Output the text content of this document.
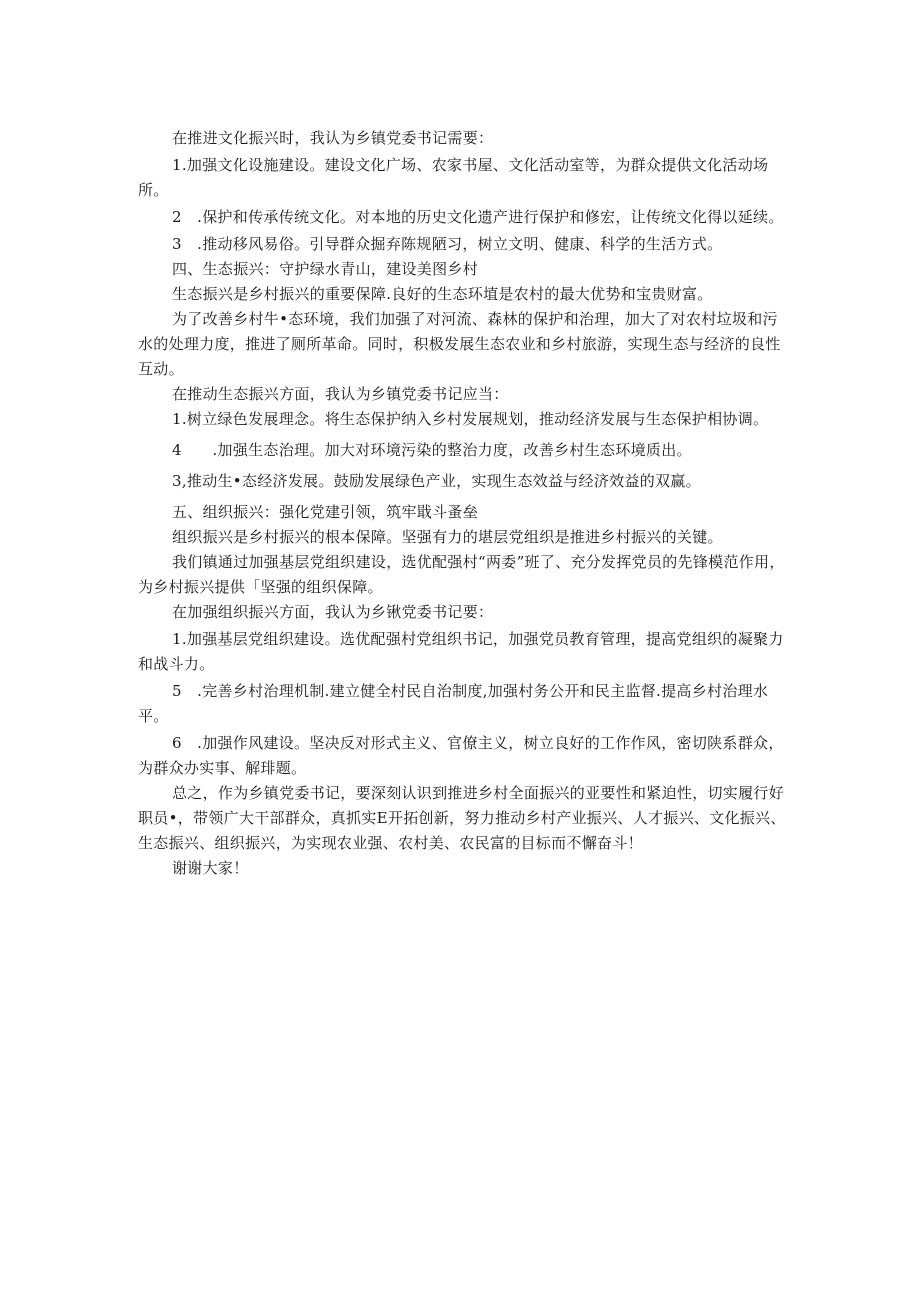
在推进文化振兴时，我认为乡镇党委书记需要：

1.加强文化设施建设。建设文化广场、农家书屋、文化活动室等，为群众提供文化活动场所。

2　.保护和传承传统文化。对本地的历史文化遗产进行保护和修宏，让传统文化得以延续。

3　.推动移风易俗。引导群众掘弃陈规陋习，树立文明、健康、科学的生活方式。

四、生态振兴：守护绿水青山，建设美图乡村

生态振兴是乡村振兴的重要保障.良好的生态环埴是农村的最大优势和宝贵财富。

为了改善乡村牛•态环境，我们加强了对河流、森林的保护和治理，加大了对农村垃圾和污水的处理力度，推进了厕所革命。同时，积极发展生态农业和乡村旅游，实现生态与经济的良性互动。

在推动生态振兴方面，我认为乡镇党委书记应当：

1.树立绿色发展理念。将生态保护纳入乡村发展规划，推动经济发展与生态保护相协调。

4　　.加强生态治理。加大对环境污染的整治力度，改善乡村生态环境质出。

3,推动生•态经济发展。鼓励发展绿色产业，实现生态效益与经济效益的双赢。

五、组织振兴：强化党建引领，筑牢戢斗蚤垒

组织振兴是乡村振兴的根本保障。坚强有力的堪层党组织是推进乡村振兴的关键。

我们镇通过加强基层党组织建设，选优配强村“两委”班了、充分发挥党员的先锋模范作用，为乡村振兴提供「坚强的组织保障。

在加强组织振兴方面，我认为乡锹党委书记要：

1.加强基层党组织建设。选优配强村党组织书记，加强党员教育管理，提高党组织的凝聚力和战斗力。

5　.完善乡村治理机制.建立健全村民自治制度,加强村务公开和民主监督.提高乡村治理水平。

6　.加强作风建设。坚决反对形式主义、官僚主义，树立良好的工作作风，密切陕系群众，为群众办实事、解琲题。

总之，作为乡镇党委书记，要深刻认识到推进乡村全面振兴的亚要性和紧迫性，切实履行好职员•，带领广大干部群众，真抓实E开拓创新，努力推动乡村产业振兴、人才振兴、文化振兴、生态振兴、组织振兴，为实现农业强、农村美、农民富的目标而不懈奋斗！

谢谢大家！
